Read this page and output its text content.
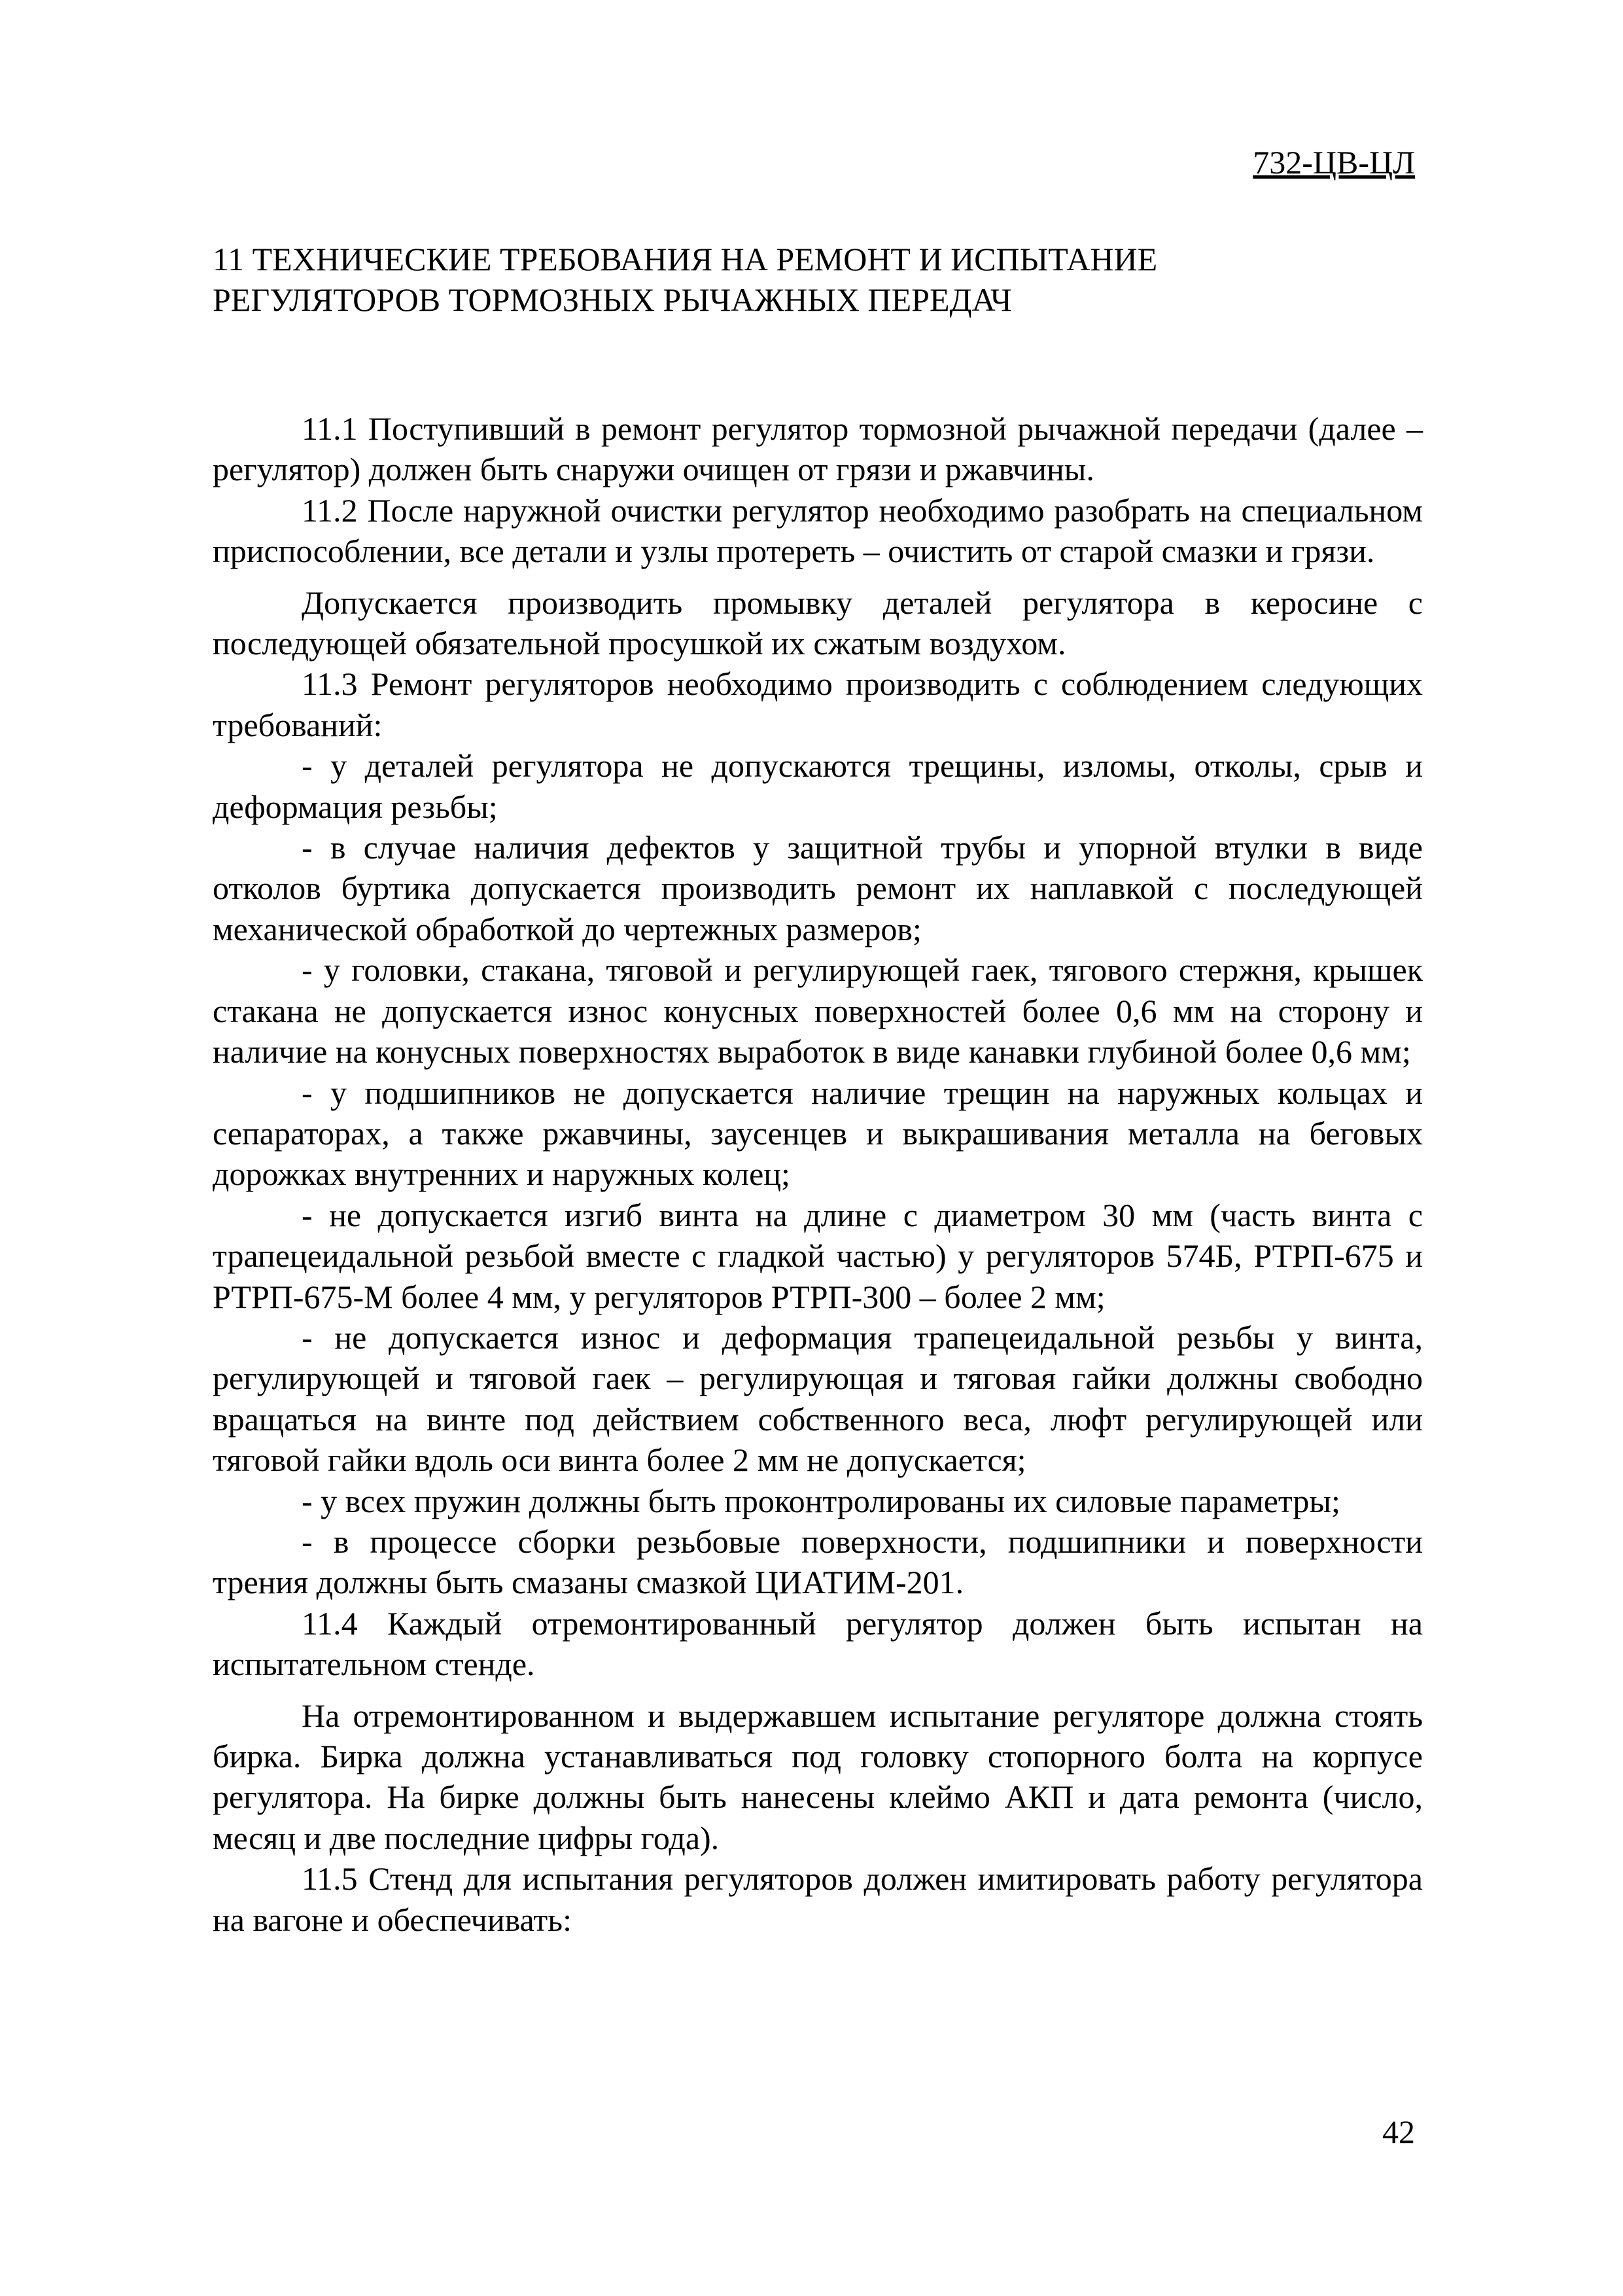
732-ЦВ-ЦЛ
11 ТЕХНИЧЕСКИЕ ТРЕБОВАНИЯ НА РЕМОНТ И ИСПЫТАНИЕ
РЕГУЛЯТОРОВ ТОРМОЗНЫХ РЫЧАЖНЫХ ПЕРЕДАЧ

11.1 Поступивший в ремонт регулятор тормозной рычажной передачи (далее – регулятор) должен быть снаружи очищен от грязи и ржавчины.

11.2 После наружной очистки регулятор необходимо разобрать на специальном приспособлении, все детали и узлы протереть – очистить от старой смазки и грязи.

Допускается производить промывку деталей регулятора в керосине с последующей обязательной просушкой их сжатым воздухом.

11.3 Ремонт регуляторов необходимо производить с соблюдением следующих требований:

- у деталей регулятора не допускаются трещины, изломы, отколы, срыв и деформация резьбы;

- в случае наличия дефектов у защитной трубы и упорной втулки в виде отколов буртика допускается производить ремонт их наплавкой с последующей механической обработкой до чертежных размеров;

- у головки, стакана, тяговой и регулирующей гаек, тягового стержня, крышек стакана не допускается износ конусных поверхностей более 0,6 мм на сторону и наличие на конусных поверхностях выработок в виде канавки глубиной более 0,6 мм;

- у подшипников не допускается наличие трещин на наружных кольцах и сепараторах, а также ржавчины, заусенцев и выкрашивания металла на беговых дорожках внутренних и наружных колец;

- не допускается изгиб винта на длине с диаметром 30 мм (часть винта с трапецеидальной резьбой вместе с гладкой частью) у регуляторов 574Б, РТРП-675 и РТРП-675-М более 4 мм, у регуляторов РТРП-300 – более 2 мм;

- не допускается износ и деформация трапецеидальной резьбы у винта, регулирующей и тяговой гаек – регулирующая и тяговая гайки должны свободно вращаться на винте под действием собственного веса, люфт регулирующей или тяговой гайки вдоль оси винта более 2 мм не допускается;

- у всех пружин должны быть проконтролированы их силовые параметры;

- в процессе сборки резьбовые поверхности, подшипники и поверхности трения должны быть смазаны смазкой ЦИАТИМ-201.

11.4 Каждый отремонтированный регулятор должен быть испытан на испытательном стенде.

На отремонтированном и выдержавшем испытание регуляторе должна стоять бирка. Бирка должна устанавливаться под головку стопорного болта на корпусе регулятора. На бирке должны быть нанесены клеймо АКП и дата ремонта (число, месяц и две последние цифры года).

11.5 Стенд для испытания регуляторов должен имитировать работу регулятора на вагоне и обеспечивать:

42
